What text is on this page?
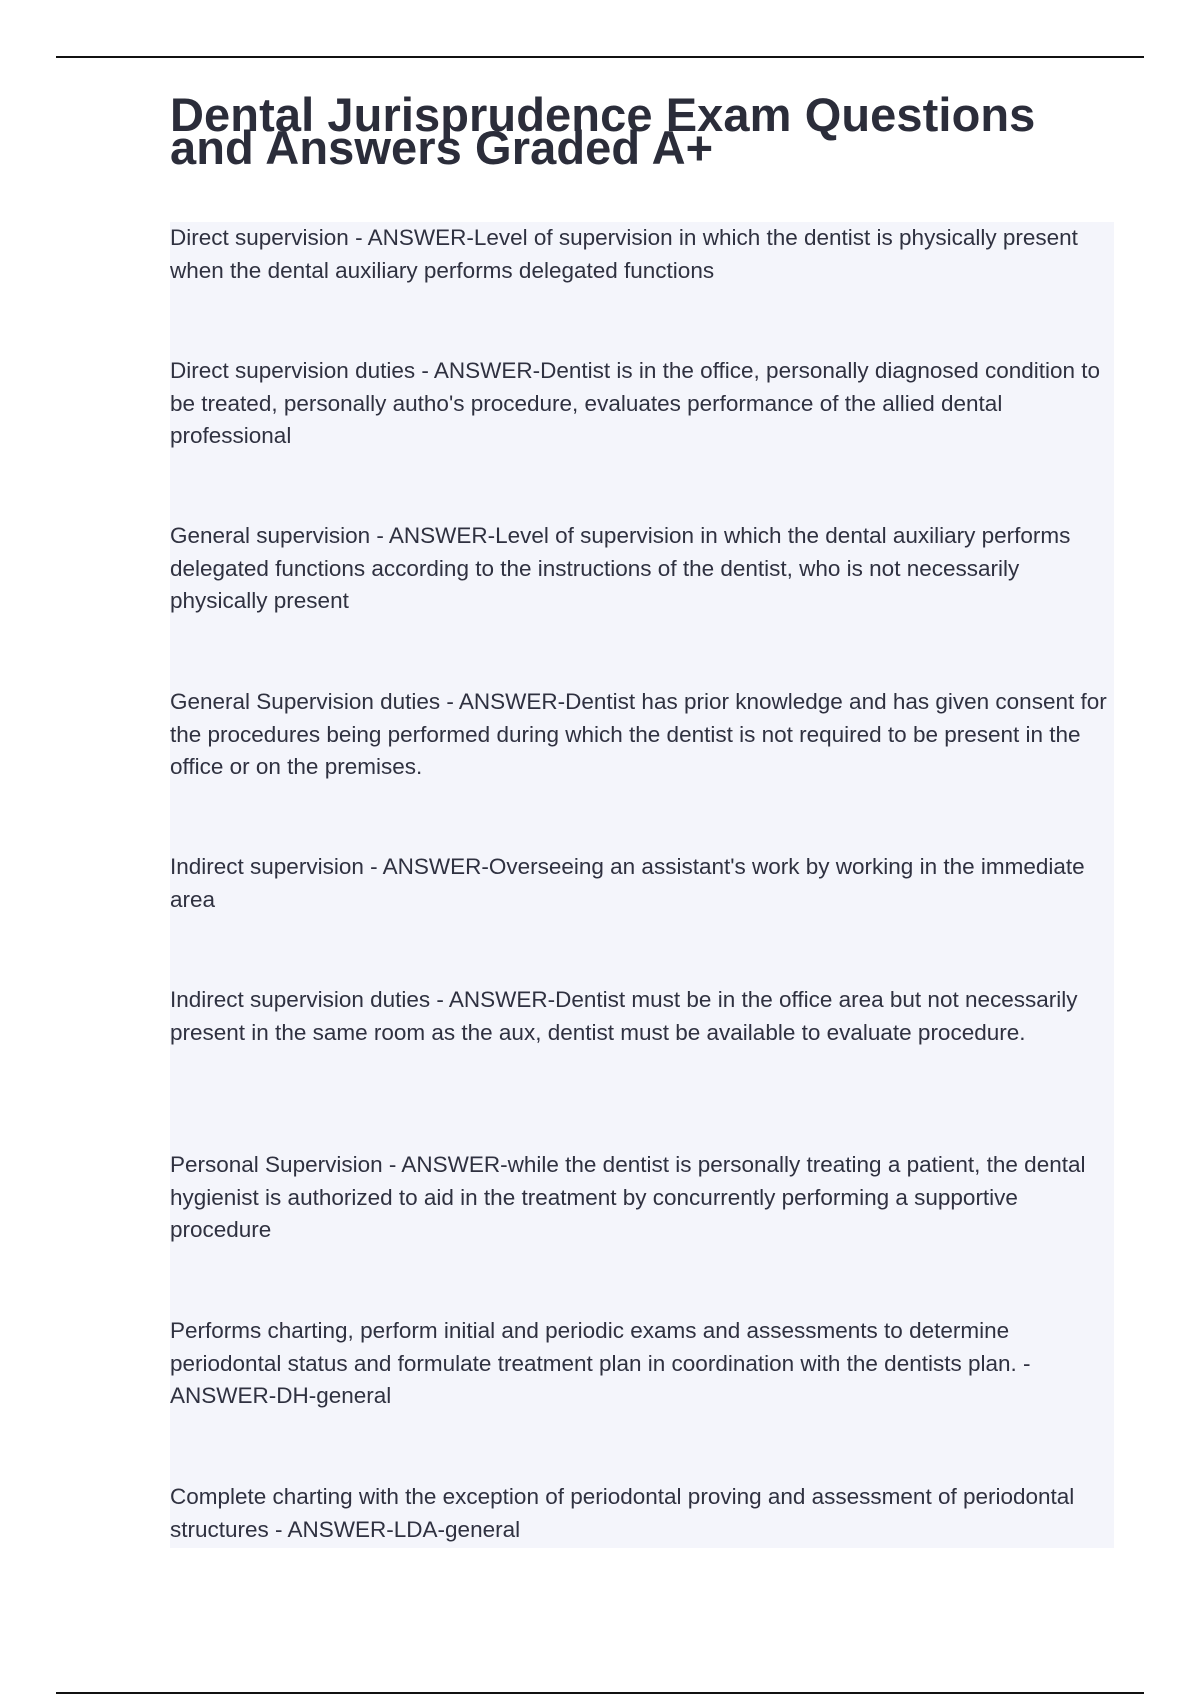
Dental Jurisprudence Exam Questions and Answers Graded A+

Direct supervision - ANSWER-Level of supervision in which the dentist is physically present when the dental auxiliary performs delegated functions

Direct supervision duties - ANSWER-Dentist is in the office, personally diagnosed condition to be treated, personally autho's procedure, evaluates performance of the allied dental professional

General supervision - ANSWER-Level of supervision in which the dental auxiliary performs delegated functions according to the instructions of the dentist, who is not necessarily physically present

General Supervision duties - ANSWER-Dentist has prior knowledge and has given consent for the procedures being performed during which the dentist is not required to be present in the office or on the premises.

Indirect supervision - ANSWER-Overseeing an assistant's work by working in the immediate area

Indirect supervision duties - ANSWER-Dentist must be in the office area but not necessarily present in the same room as the aux, dentist must be available to evaluate procedure.

Personal Supervision - ANSWER-while the dentist is personally treating a patient, the dental hygienist is authorized to aid in the treatment by concurrently performing a supportive procedure

Performs charting, perform initial and periodic exams and assessments to determine periodontal status and formulate treatment plan in coordination with the dentists plan. - ANSWER-DH-general

Complete charting with the exception of periodontal proving and assessment of periodontal structures - ANSWER-LDA-general
